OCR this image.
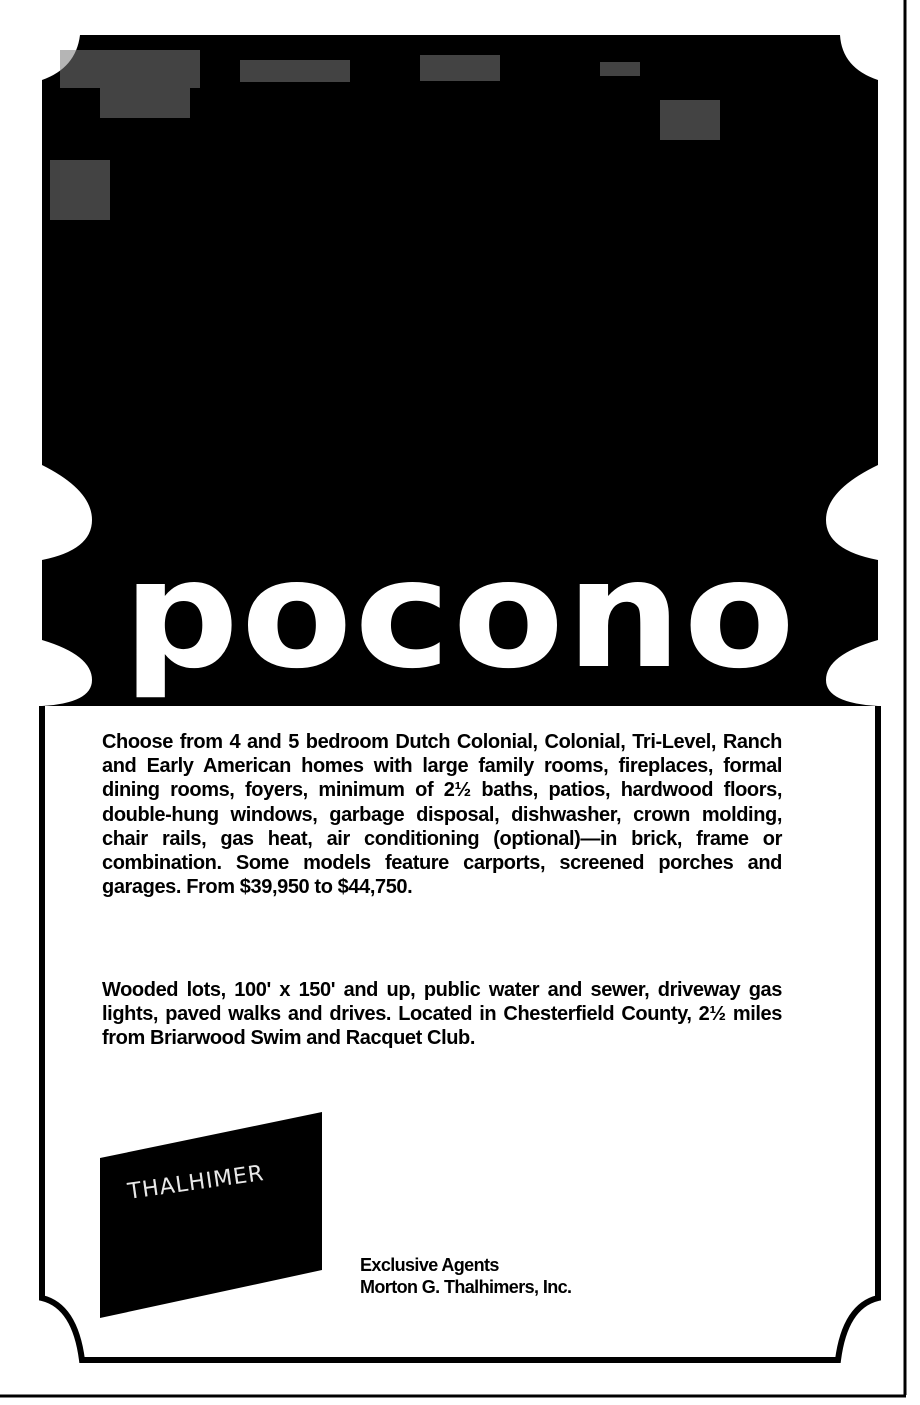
pocono

Choose from 4 and 5 bedroom Dutch Colonial, Colonial, Tri-Level, Ranch and Early American homes with large family rooms, fireplaces, formal dining rooms, foyers, minimum of 2½ baths, patios, hardwood floors, double-hung windows, garbage disposal, dishwasher, crown molding, chair rails, gas heat, air conditioning (optional)—in brick, frame or combination. Some models feature carports, screened porches and garages. From $39,950 to $44,750.

Wooded lots, 100' x 150' and up, public water and sewer, driveway gas lights, paved walks and drives. Located in Chesterfield County, 2½ miles from Briarwood Swim and Racquet Club.

THALHIMER
Exclusive Agents
Morton G. Thalhimers, Inc.
